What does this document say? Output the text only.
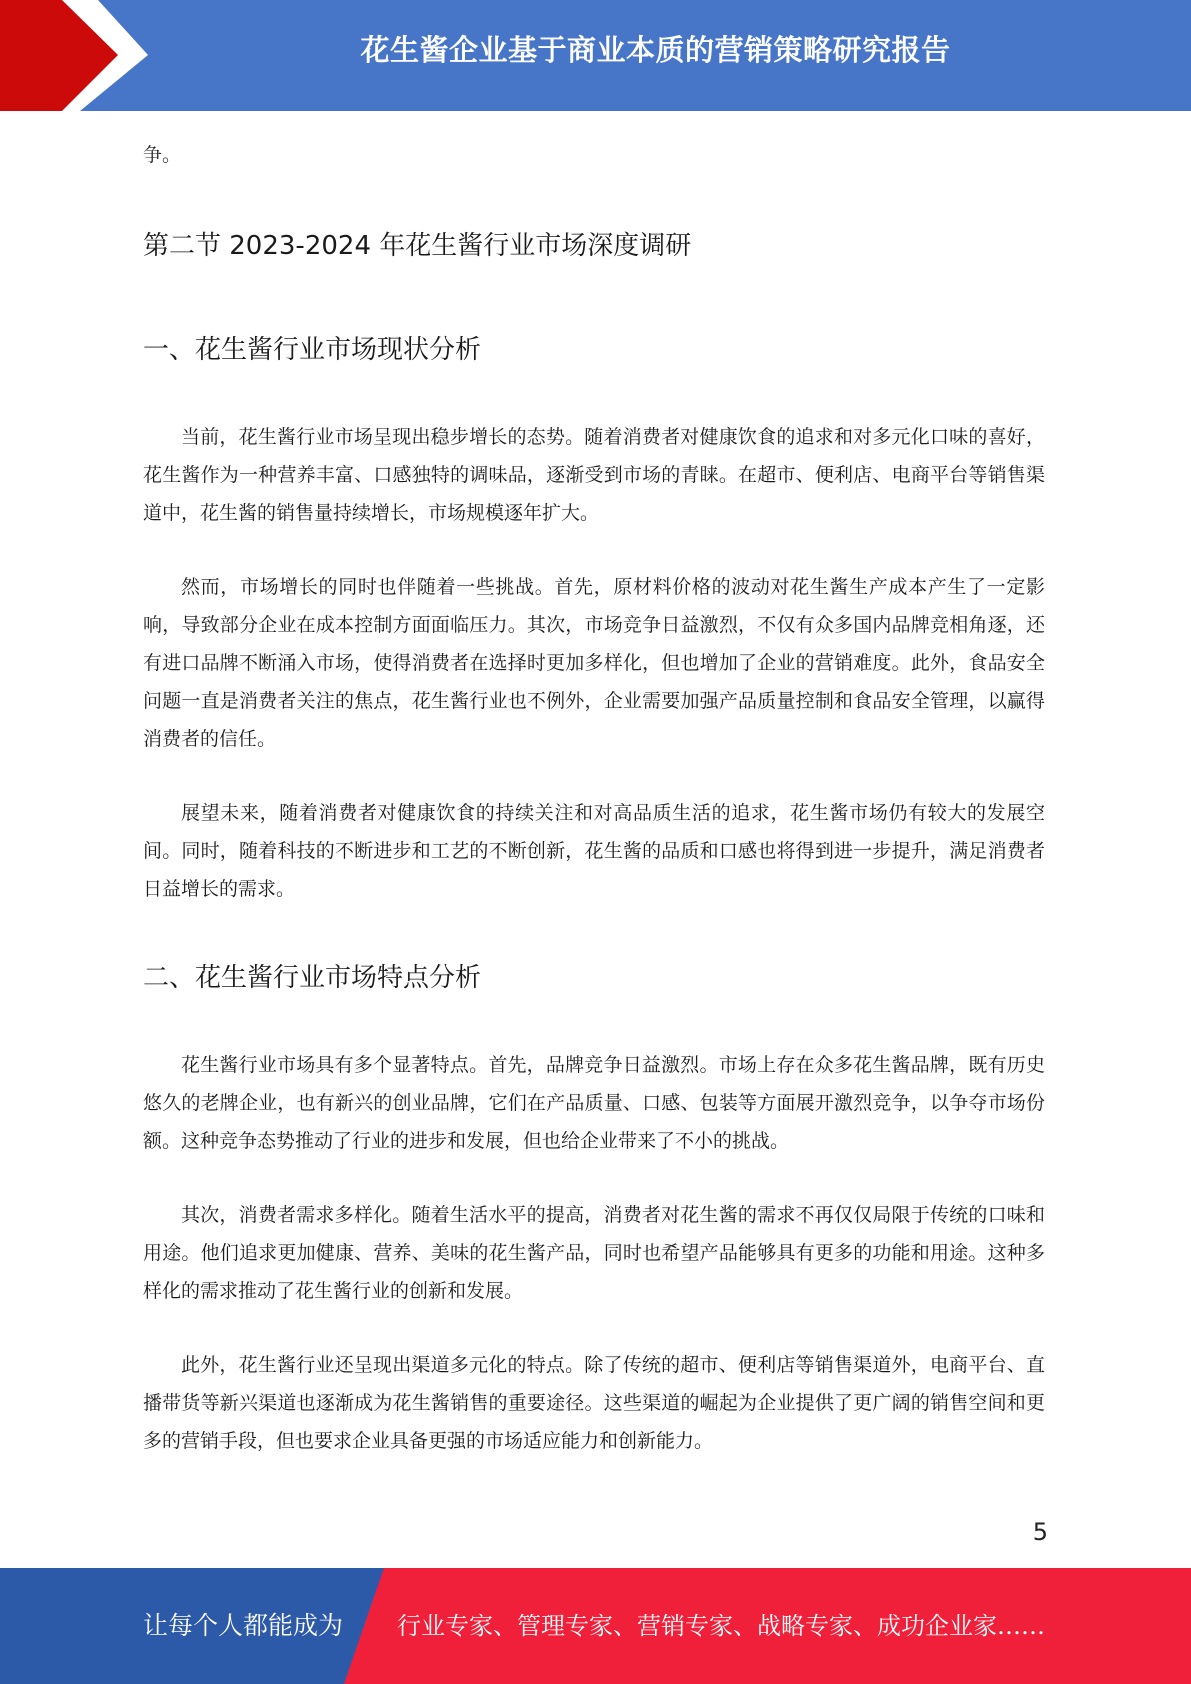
花生酱企业基于商业本质的营销策略研究报告

争。

第二节 2023-2024 年花生酱行业市场深度调研

一、花生酱行业市场现状分析

当前，花生酱行业市场呈现出稳步增长的态势。随着消费者对健康饮食的追求和对多元化口味的喜好，花生酱作为一种营养丰富、口感独特的调味品，逐渐受到市场的青睐。在超市、便利店、电商平台等销售渠道中，花生酱的销售量持续增长，市场规模逐年扩大。

然而，市场增长的同时也伴随着一些挑战。首先，原材料价格的波动对花生酱生产成本产生了一定影响，导致部分企业在成本控制方面面临压力。其次，市场竞争日益激烈，不仅有众多国内品牌竞相角逐，还有进口品牌不断涌入市场，使得消费者在选择时更加多样化，但也增加了企业的营销难度。此外，食品安全问题一直是消费者关注的焦点，花生酱行业也不例外，企业需要加强产品质量控制和食品安全管理，以赢得消费者的信任。

展望未来，随着消费者对健康饮食的持续关注和对高品质生活的追求，花生酱市场仍有较大的发展空间。同时，随着科技的不断进步和工艺的不断创新，花生酱的品质和口感也将得到进一步提升，满足消费者日益增长的需求。

二、花生酱行业市场特点分析

花生酱行业市场具有多个显著特点。首先，品牌竞争日益激烈。市场上存在众多花生酱品牌，既有历史悠久的老牌企业，也有新兴的创业品牌，它们在产品质量、口感、包装等方面展开激烈竞争，以争夺市场份额。这种竞争态势推动了行业的进步和发展，但也给企业带来了不小的挑战。

其次，消费者需求多样化。随着生活水平的提高，消费者对花生酱的需求不再仅仅局限于传统的口味和用途。他们追求更加健康、营养、美味的花生酱产品，同时也希望产品能够具有更多的功能和用途。这种多样化的需求推动了花生酱行业的创新和发展。

此外，花生酱行业还呈现出渠道多元化的特点。除了传统的超市、便利店等销售渠道外，电商平台、直播带货等新兴渠道也逐渐成为花生酱销售的重要途径。这些渠道的崛起为企业提供了更广阔的销售空间和更多的营销手段，但也要求企业具备更强的市场适应能力和创新能力。

5
让每个人都能成为 行业专家、管理专家、营销专家、战略专家、成功企业家……
